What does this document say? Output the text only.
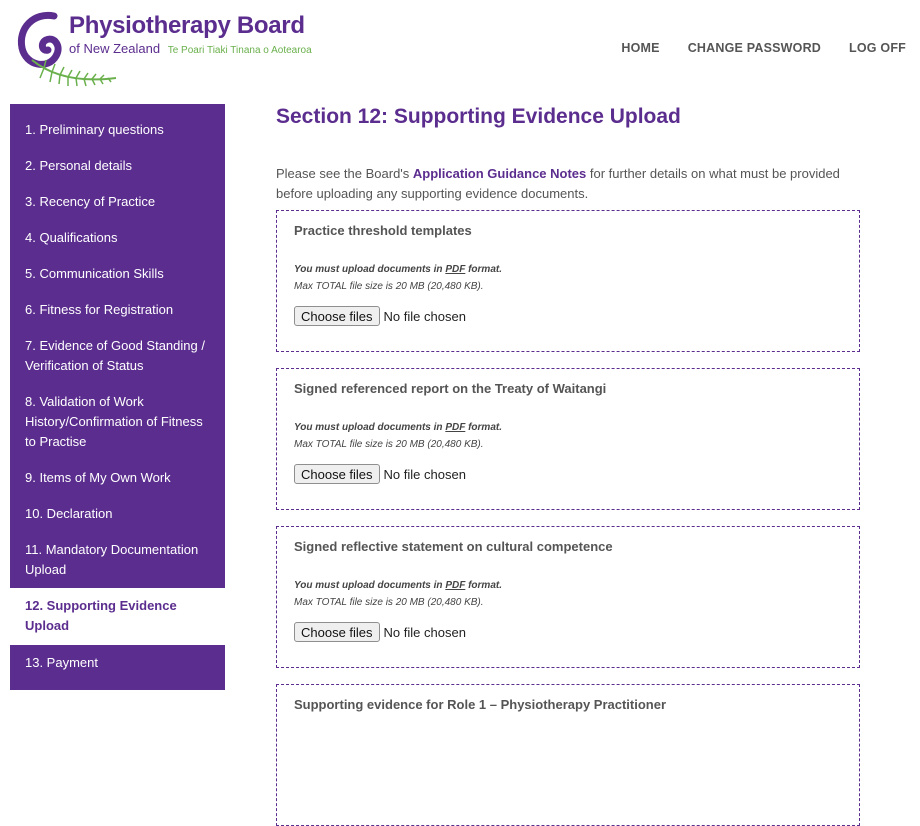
Physiotherapy Board
of New Zealand Te Poari Tiaki Tinana o Aotearoa	HOME CHANGE PASSWORD LOG OFF
1. Preliminary questions
2. Personal details
3. Recency of Practice
4. Qualifications
5. Communication Skills
6. Fitness for Registration
7. Evidence of Good Standing / Verification of Status
8. Validation of Work History/Confirmation of Fitness to Practise
9. Items of My Own Work
10. Declaration
11. Mandatory Documentation Upload
12. Supporting Evidence Upload
13. Payment
Section 12: Supporting Evidence Upload
Please see the Board's Application Guidance Notes for further details on what must be provided before uploading any supporting evidence documents.
Practice threshold templates
You must upload documents in PDF format.
Max TOTAL file size is 20 MB (20,480 KB).
Choose files No file chosen
Signed referenced report on the Treaty of Waitangi
You must upload documents in PDF format.
Max TOTAL file size is 20 MB (20,480 KB).
Choose files No file chosen
Signed reflective statement on cultural competence
You must upload documents in PDF format.
Max TOTAL file size is 20 MB (20,480 KB).
Choose files No file chosen
Supporting evidence for Role 1 – Physiotherapy Practitioner
